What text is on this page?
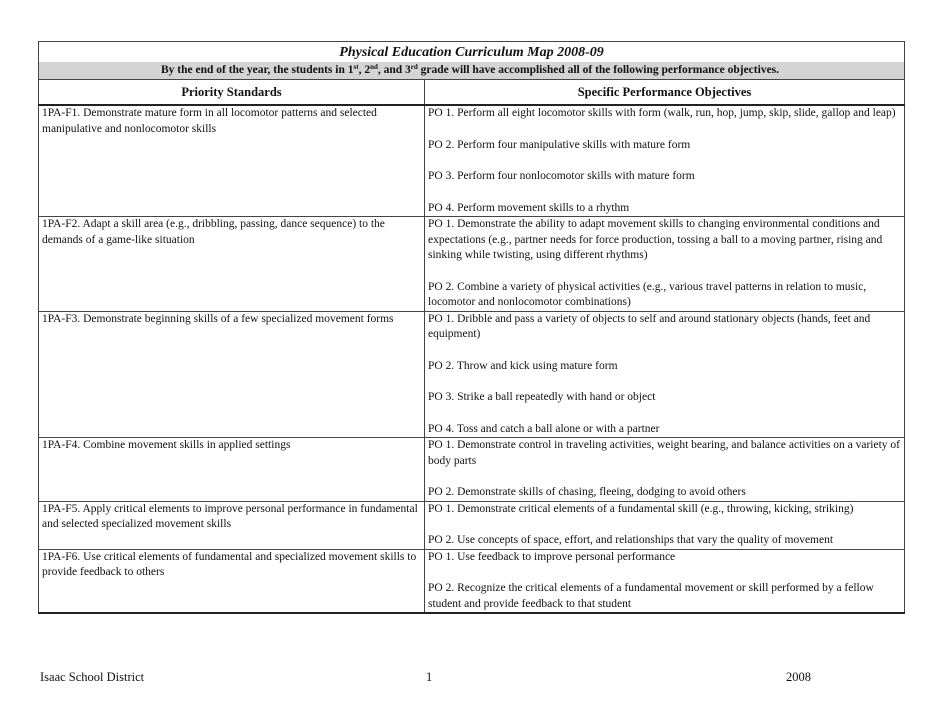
Physical Education Curriculum Map 2008-09	
By the end of the year, the students in 1st, 2nd, and 3rd grade will have accomplished all of the following performance objectives.	
Priority Standards	Specific Performance Objectives
1PA-F1. Demonstrate mature form in all locomotor patterns and selected manipulative and nonlocomotor skills	PO 1. Perform all eight locomotor skills with form (walk, run, hop, jump, skip, slide, gallop and leap)
PO 2. Perform four manipulative skills with mature form
PO 3. Perform four nonlocomotor skills with mature form
PO 4. Perform movement skills to a rhythm

1PA-F2. Adapt a skill area (e.g., dribbling, passing, dance sequence) to the demands of a game-like situation	PO 1. Demonstrate the ability to adapt movement skills to changing environmental conditions and expectations (e.g., partner needs for force production, tossing a ball to a moving partner, rising and sinking while twisting, using different rhythms)
PO 2. Combine a variety of physical activities (e.g., various travel patterns in relation to music, locomotor and nonlocomotor combinations)

1PA-F3. Demonstrate beginning skills of a few specialized movement forms	PO 1. Dribble and pass a variety of objects to self and around stationary objects (hands, feet and equipment)
PO 2. Throw and kick using mature form
PO 3. Strike a ball repeatedly with hand or object
PO 4. Toss and catch a ball alone or with a partner

1PA-F4. Combine movement skills in applied settings	PO 1. Demonstrate control in traveling activities, weight bearing, and balance activities on a variety of body parts
PO 2. Demonstrate skills of chasing, fleeing, dodging to avoid others

1PA-F5. Apply critical elements to improve personal performance in fundamental and selected specialized movement skills	PO 1. Demonstrate critical elements of a fundamental skill (e.g., throwing, kicking, striking)
PO 2. Use concepts of space, effort, and relationships that vary the quality of movement

1PA-F6. Use critical elements of fundamental and specialized movement skills to provide feedback to others	PO 1. Use feedback to improve personal performance
PO 2. Recognize the critical elements of a fundamental movement or skill performed by a fellow student and provide feedback to that student
Isaac School District	1	2008
